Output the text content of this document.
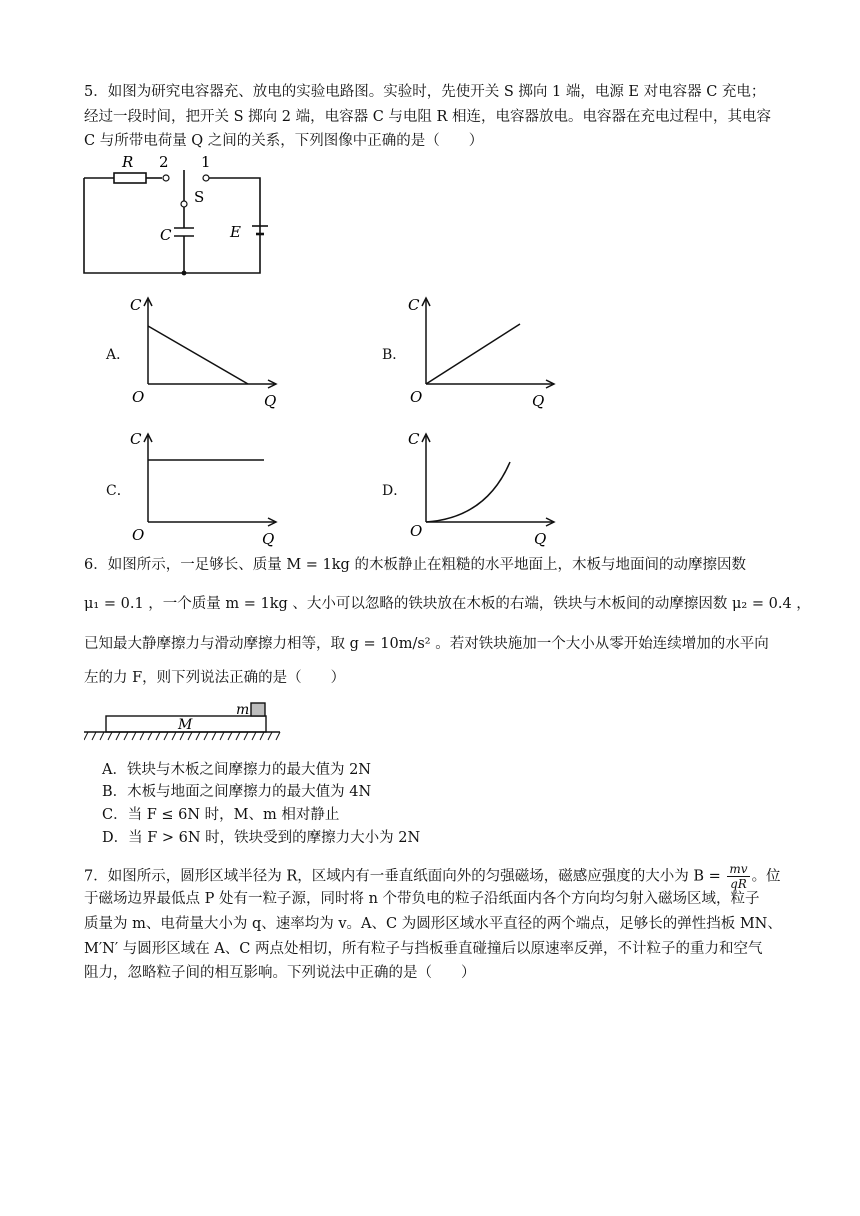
5．如图为研究电容器充、放电的实验电路图。实验时，先使开关 S 掷向 1 端，电源 E 对电容器 C 充电；
经过一段时间，把开关 S 掷向 2 端，电容器 C 与电阻 R 相连，电容器放电。电容器在充电过程中，其电容
C 与所带电荷量 Q 之间的关系，下列图像中正确的是（　　）
R 2 1
S
C	E
A．	B．
C．	D．
C
O	Q
C
O	Q
C
O	Q
C
O	Q
6．如图所示，一足够长、质量 M = 1kg 的木板静止在粗糙的水平地面上，木板与地面间的动摩擦因数
μ₁ = 0.1 ，一个质量 m = 1kg 、大小可以忽略的铁块放在木板的右端，铁块与木板间的动摩擦因数 μ₂ = 0.4 ，
已知最大静摩擦力与滑动摩擦力相等，取 g = 10m/s² 。若对铁块施加一个大小从零开始连续增加的水平向
左的力 F，则下列说法正确的是（　　）
M
m
A．铁块与木板之间摩擦力的最大值为 2N
B．木板与地面之间摩擦力的最大值为 4N
C．当 F ≤ 6N 时，M、m 相对静止
D．当 F > 6N 时，铁块受到的摩擦力大小为 2N
7．如图所示，圆形区域半径为 R，区域内有一垂直纸面向外的匀强磁场，磁感应强度的大小为 $B = \frac{mv}{qR}$ 。位
于磁场边界最低点 P 处有一粒子源，同时将 n 个带负电的粒子沿纸面内各个方向均匀射入磁场区域，粒子
质量为 m、电荷量大小为 q、速率均为 v。A、C 为圆形区域水平直径的两个端点，足够长的弹性挡板 MN、
M′N′ 与圆形区域在 A、C 两点处相切，所有粒子与挡板垂直碰撞后以原速率反弹，不计粒子的重力和空气
阻力，忽略粒子间的相互影响。下列说法中正确的是（　　）
